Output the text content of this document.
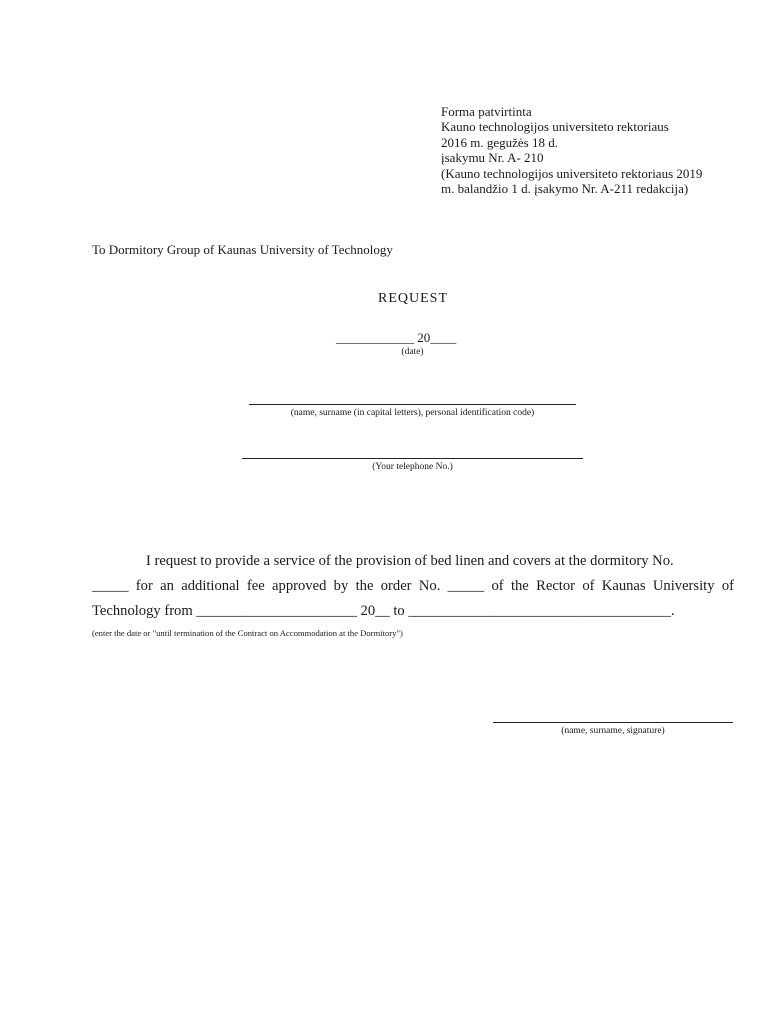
Forma patvirtinta
Kauno technologijos universiteto rektoriaus
2016 m. gegužės 18 d.
įsakymu Nr. A- 210
(Kauno technologijos universiteto rektoriaus 2019
m. balandžio 1 d. įsakymo Nr. A-211 redakcija)
To Dormitory Group of Kaunas University of Technology
REQUEST
____________ 20____
(date)
(name, surname (in capital letters), personal identification code)
(Your telephone No.)
I request to provide a service of the provision of bed linen and covers at the dormitory No.
_____ for an additional fee approved by the order No. _____ of the Rector of Kaunas University of
Technology from ______________________ 20__ to ____________________________________.
(enter the date or "until termination of the Contract on Accommodation at the Dormitory")
(name, surname, signature)
